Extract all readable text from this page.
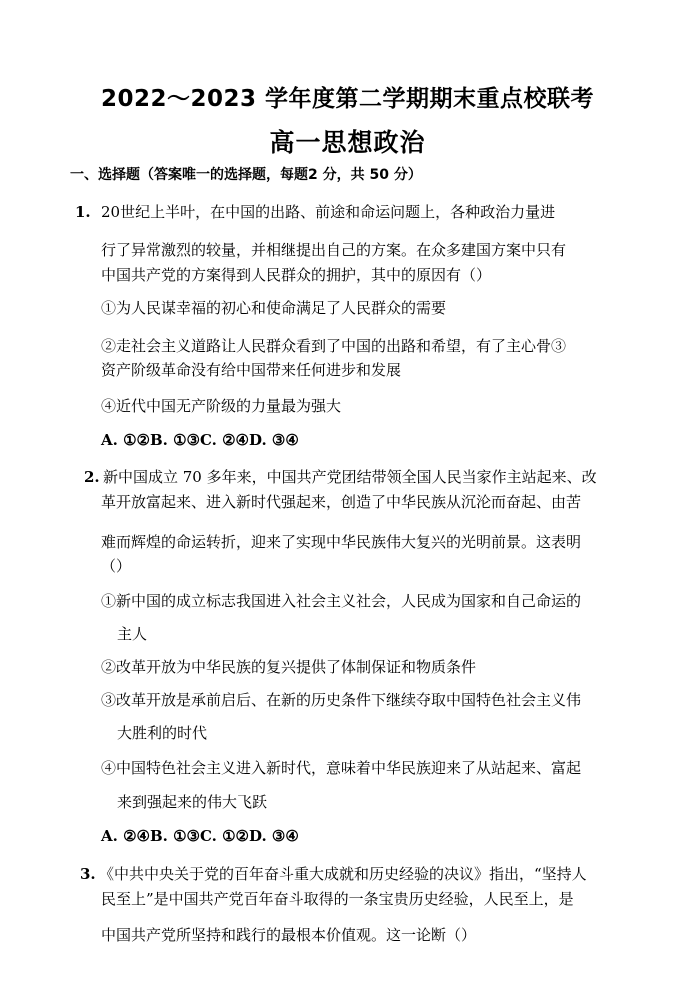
2022～2023 学年度第二学期期末重点校联考
高一思想政治
一、选择题（答案唯一的选择题，每题2 分，共 50 分）
1. 20世纪上半叶，在中国的出路、前途和命运问题上，各种政治力量进
行了异常激烈的较量，并相继提出自己的方案。在众多建国方案中只有
中国共产党的方案得到人民群众的拥护，其中的原因有（）
①为人民谋幸福的初心和使命满足了人民群众的需要
②走社会主义道路让人民群众看到了中国的出路和希望，有了主心骨③
资产阶级革命没有给中国带来任何进步和发展
④近代中国无产阶级的力量最为强大
A. ①②B. ①③C. ②④D. ③④
2. 新中国成立 70 多年来，中国共产党团结带领全国人民当家作主站起来、改
革开放富起来、进入新时代强起来，创造了中华民族从沉沦而奋起、由苦
难而辉煌的命运转折，迎来了实现中华民族伟大复兴的光明前景。这表明
（）
①新中国的成立标志我国进入社会主义社会，人民成为国家和自己命运的
主人
②改革开放为中华民族的复兴提供了体制保证和物质条件
③改革开放是承前启后、在新的历史条件下继续夺取中国特色社会主义伟
大胜利的时代
④中国特色社会主义进入新时代，意味着中华民族迎来了从站起来、富起
来到强起来的伟大飞跃
A. ②④B. ①③C. ①②D. ③④
3. 《中共中央关于党的百年奋斗重大成就和历史经验的决议》指出，“坚持人
民至上”是中国共产党百年奋斗取得的一条宝贵历史经验，人民至上，是
中国共产党所坚持和践行的最根本价值观。这一论断（）
